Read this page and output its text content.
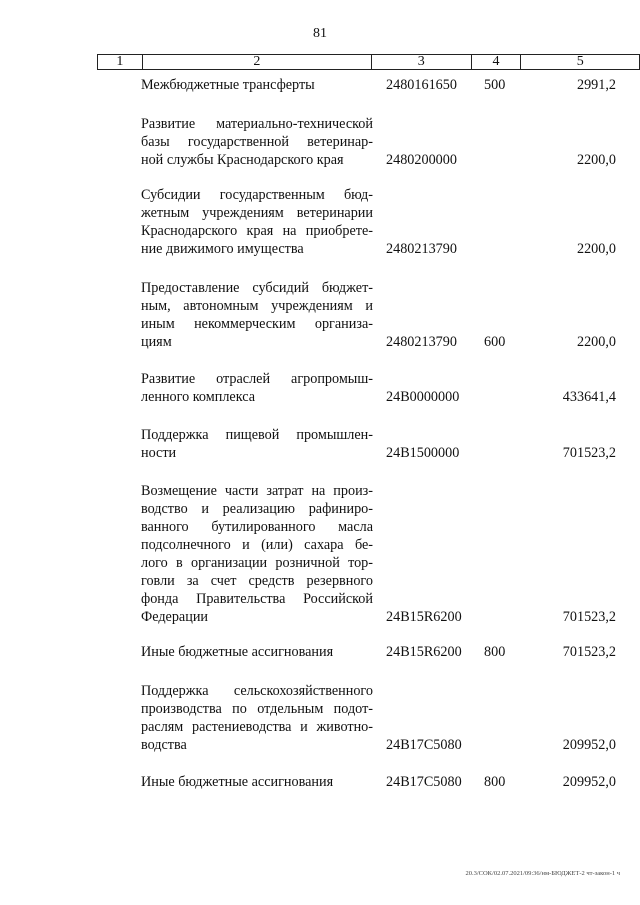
81
1	2	3	4	5
Межбюджетные трансферты	2480161650 500	2991,2
Развитие материально-технической
базы государственной ветеринар-
ной службы Краснодарского края	2480200000	2200,0
Субсидии государственным бюд-
жетным учреждениям ветеринарии
Краснодарского края на приобрете-
ние движимого имущества	2480213790	2200,0
Предоставление субсидий бюджет-
ным, автономным учреждениям и
иным некоммерческим организа-
циям	2480213790 600	2200,0
Развитие отраслей агропромыш-
ленного комплекса	24В0000000	433641,4
Поддержка пищевой промышлен-
ности	24В1500000	701523,2
Возмещение части затрат на произ-
водство и реализацию рафиниро-
ванного бутилированного масла
подсолнечного и (или) сахара бе-
лого в организации розничной тор-
говли за счет средств резервного
фонда Правительства Российской
Федерации	24В15R6200	701523,2
Иные бюджетные ассигнования	24В15R6200 800	701523,2
Поддержка сельскохозяйственного
производства по отдельным подот-
раслям растениеводства и животно-
водства	24В17С5080	209952,0
Иные бюджетные ассигнования	24В17С5080 800	209952,0
20.3/СОК/02.07.2021/09:36/нм-БЮДЖЕТ-2 чт-закон-1 ч
